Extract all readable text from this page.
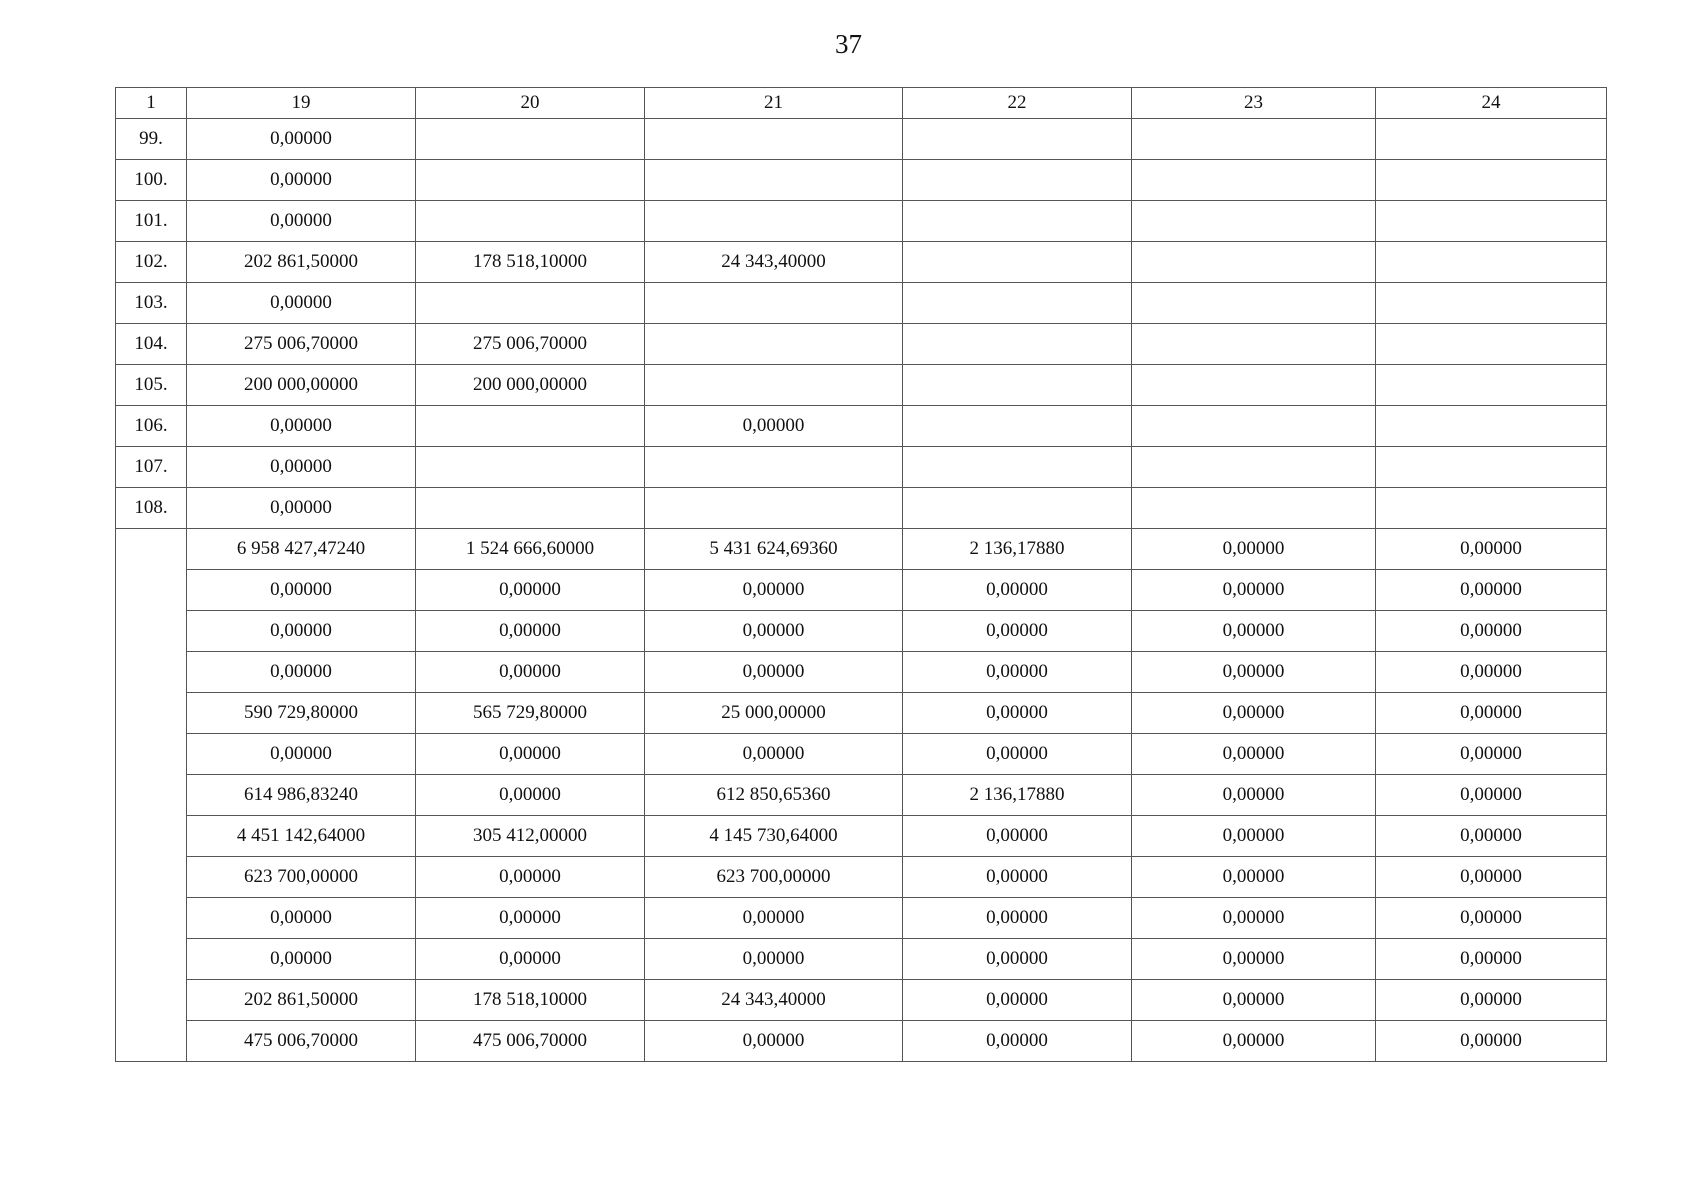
37
1	19	20	21	22	23	24
99.	0,00000					
100.	0,00000					
101.	0,00000					
102.	202 861,50000	178 518,10000	24 343,40000			
103.	0,00000					
104.	275 006,70000	275 006,70000				
105.	200 000,00000	200 000,00000				
106.	0,00000		0,00000			
107.	0,00000					
108.	0,00000					
	6 958 427,47240	1 524 666,60000	5 431 624,69360	2 136,17880	0,00000	0,00000
	0,00000	0,00000	0,00000	0,00000	0,00000	0,00000
	0,00000	0,00000	0,00000	0,00000	0,00000	0,00000
	0,00000	0,00000	0,00000	0,00000	0,00000	0,00000
	590 729,80000	565 729,80000	25 000,00000	0,00000	0,00000	0,00000
	0,00000	0,00000	0,00000	0,00000	0,00000	0,00000
	614 986,83240	0,00000	612 850,65360	2 136,17880	0,00000	0,00000
	4 451 142,64000	305 412,00000	4 145 730,64000	0,00000	0,00000	0,00000
	623 700,00000	0,00000	623 700,00000	0,00000	0,00000	0,00000
	0,00000	0,00000	0,00000	0,00000	0,00000	0,00000
	0,00000	0,00000	0,00000	0,00000	0,00000	0,00000
	202 861,50000	178 518,10000	24 343,40000	0,00000	0,00000	0,00000
	475 006,70000	475 006,70000	0,00000	0,00000	0,00000	0,00000
